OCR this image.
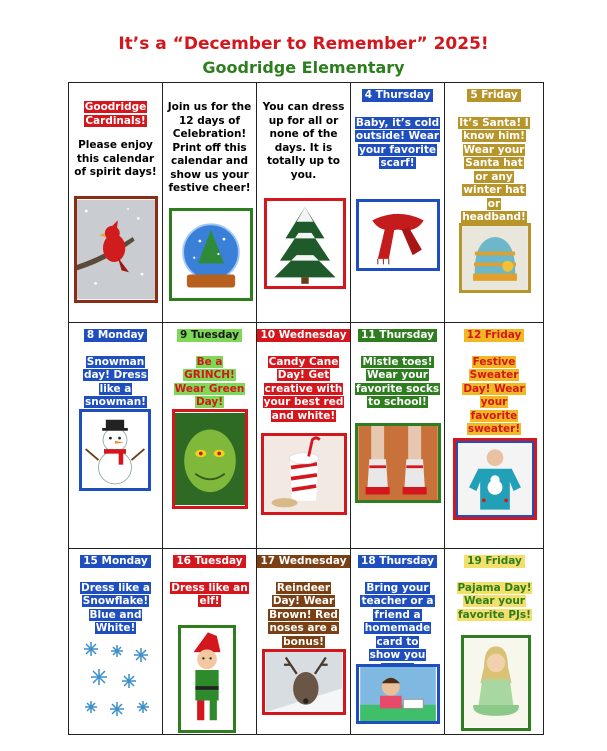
It’s a “December to Remember” 2025!
Goodridge Elementary
Goodridge Cardinals!
Please enjoy this calendar of spirit days!
Join us for the 12 days of Celebration! Print off this calendar and show us your festive cheer!
You can dress up for all or none of the days. It is totally up to you.
4 Thursday
Baby, it’s cold outside! Wear your favorite scarf!
5 Friday
It’s Santa! I know him! Wear your Santa hat or any winter hat or headband!
8 Monday
Snowman day! Dress like a snowman!
9 Tuesday
Be a GRINCH! Wear Green Day!
10 Wednesday
Candy Cane Day! Get creative with your best red and white!
11 Thursday
Mistle toes! Wear your favorite socks to school!
12 Friday
Festive Sweater Day! Wear your favorite sweater!
15 Monday
Dress like a Snowflake! Blue and White!
16 Tuesday
Dress like an elf!
17 Wednesday
Reindeer Day! Wear Brown! Red noses are a bonus!
18 Thursday
Bring your teacher or a friend a homemade card to show you
19 Friday
Pajama Day! Wear your favorite PJs!
